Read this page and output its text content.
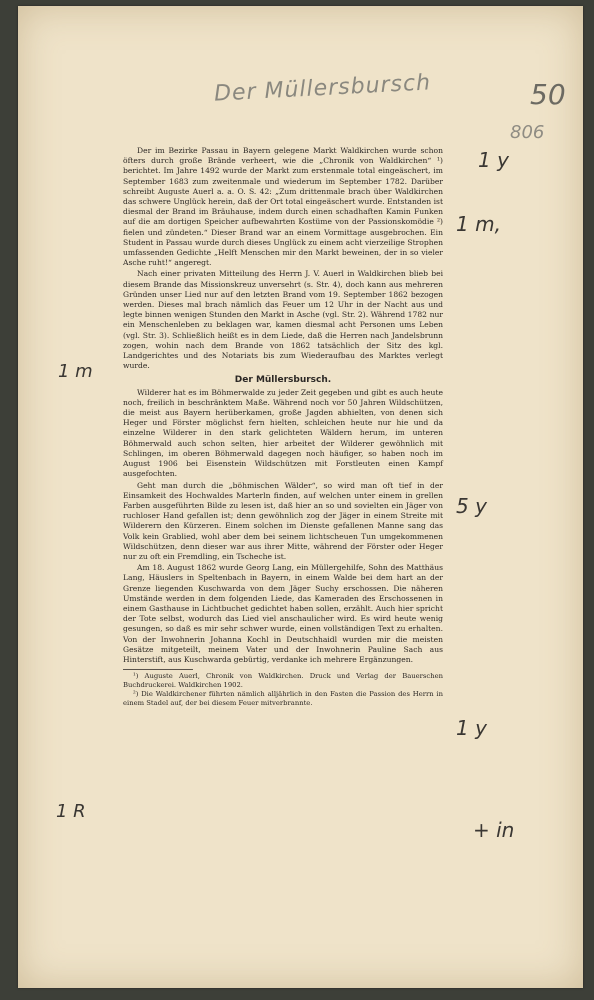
Der Müllersbursch	50
806
1 y
1 m,
1 m
5 y
1 y
1 R
+ in

Der im Bezirke Passau in Bayern gelegene Markt Waldkirchen wurde schon öfters durch große Brände verheert, wie die „Chronik von Waldkirchen“ ¹) berichtet. Im Jahre 1492 wurde der Markt zum erstenmale total eingeäschert, im September 1683 zum zweitenmale und wiederum im September 1782. Darüber schreibt Auguste Auerl a. a. O. S. 42: „Zum drittenmale brach über Waldkirchen das schwere Unglück herein, daß der Ort total eingeäschert wurde. Entstanden ist diesmal der Brand im Bräuhause, indem durch einen schadhaften Kamin Funken auf die am dortigen Speicher aufbewahrten Kostüme von der Passionskomödie ²) fielen und zündeten.“ Dieser Brand war an einem Vormittage ausgebrochen. Ein Student in Passau wurde durch dieses Unglück zu einem acht vierzeilige Strophen umfassenden Gedichte „Helft Menschen mir den Markt beweinen, der in so vieler Asche ruht!“ angeregt.

Nach einer privaten Mitteilung des Herrn J. V. Auerl in Waldkirchen blieb bei diesem Brande das Missionskreuz unversehrt (s. Str. 4), doch kann aus mehreren Gründen unser Lied nur auf den letzten Brand vom 19. September 1862 bezogen werden. Dieses mal brach nämlich das Feuer um 12 Uhr in der Nacht aus und legte binnen wenigen Stunden den Markt in Asche (vgl. Str. 2). Während 1782 nur ein Menschenleben zu beklagen war, kamen diesmal acht Personen ums Leben (vgl. Str. 3). Schließlich heißt es in dem Liede, daß die Herren nach Jandelsbrunn zogen, wohin nach dem Brande von 1862 tatsächlich der Sitz des kgl. Landgerichtes und des Notariats bis zum Wiederaufbau des Marktes verlegt wurde.

Der Müllersbursch.

Wilderer hat es im Böhmerwalde zu jeder Zeit gegeben und gibt es auch heute noch, freilich in beschränktem Maße. Während noch vor 50 Jahren Wildschützen, die meist aus Bayern herüberkamen, große Jagden abhielten, von denen sich Heger und Förster möglichst fern hielten, schleichen heute nur hie und da einzelne Wilderer in den stark gelichteten Wäldern herum, im unteren Böhmerwald auch schon selten, hier arbeitet der Wilderer gewöhnlich mit Schlingen, im oberen Böhmerwald dagegen noch häufiger, so haben noch im August 1906 bei Eisenstein Wildschützen mit Forstleuten einen Kampf ausgefochten.

Geht man durch die „böhmischen Wälder“, so wird man oft tief in der Einsamkeit des Hochwaldes Marterln finden, auf welchen unter einem in grellen Farben ausgeführten Bilde zu lesen ist, daß hier an so und sovielten ein Jäger von ruchloser Hand gefallen ist; denn gewöhnlich zog der Jäger in einem Streite mit Wilderern den Kürzeren. Einem solchen im Dienste gefallenen Manne sang das Volk kein Grablied, wohl aber dem bei seinem lichtscheuen Tun umgekommenen Wildschützen, denn dieser war aus ihrer Mitte, während der Förster oder Heger nur zu oft ein Fremdling, ein Tscheche ist.

Am 18. August 1862 wurde Georg Lang, ein Müllergehilfe, Sohn des Matthäus Lang, Häuslers in Speltenbach in Bayern, in einem Walde bei dem hart an der Grenze liegenden Kuschwarda von dem Jäger Suchy erschossen. Die näheren Umstände werden in dem folgenden Liede, das Kameraden des Erschossenen in einem Gasthause in Lichtbuchet gedichtet haben sollen, erzählt. Auch hier spricht der Tote selbst, wodurch das Lied viel anschaulicher wird. Es wird heute wenig gesungen, so daß es mir sehr schwer wurde, einen vollständigen Text zu erhalten. Von der Inwohnerin Johanna Kochl in Deutschhaidl wurden mir die meisten Gesätze mitgeteilt, meinem Vater und der Inwohnerin Pauline Sach aus Hinterstift, aus Kuschwarda gebürtig, verdanke ich mehrere Ergänzungen.

¹) Auguste Auerl, Chronik von Waldkirchen. Druck und Verlag der Bauerschen Buchdruckerei. Waldkirchen 1902.

²) Die Waldkirchener führten nämlich alljährlich in den Fasten die Passion des Herrn in einem Stadel auf, der bei diesem Feuer mitverbrannte.
